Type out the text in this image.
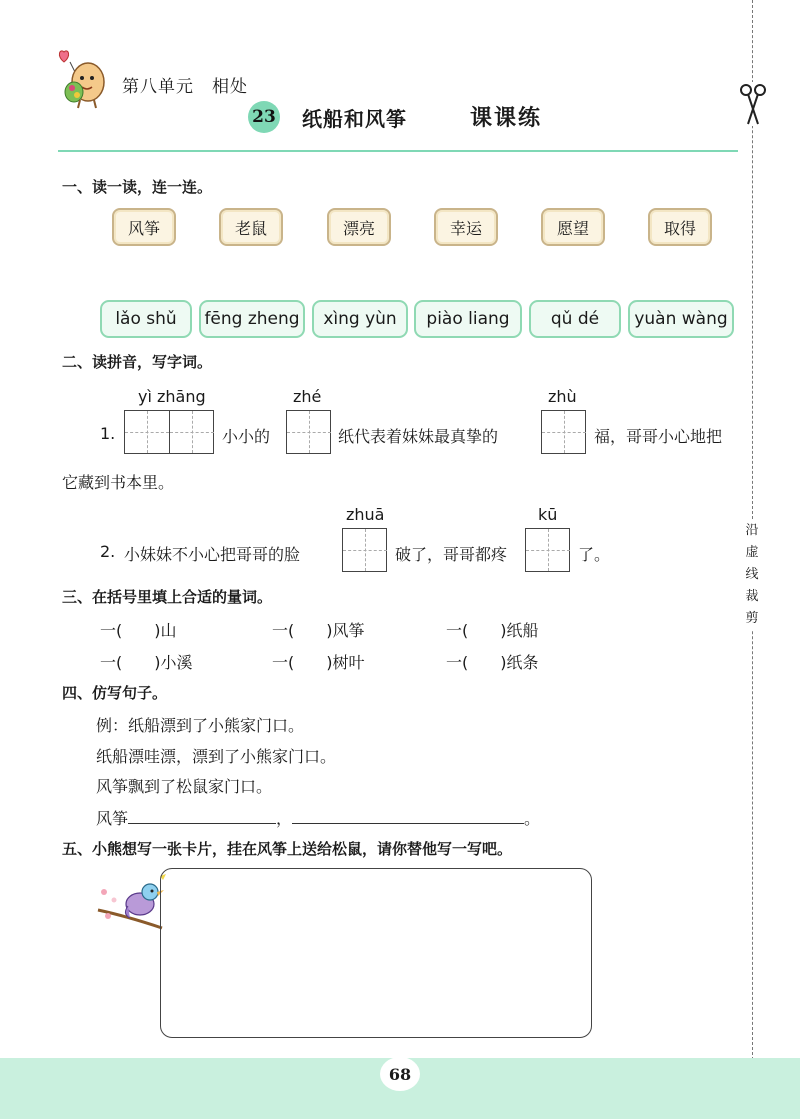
第八单元　相处
23 纸船和风筝	课课练
沿
虚
线
裁
剪
一、读一读，连一连。
风筝	老鼠	漂亮	幸运	愿望	取得
lǎo shǔ	fēng zheng	xìng yùn	piào liang	qǔ dé	yuàn wàng
二、读拼音，写字词。
yì zhāng	zhé	zhù
1.	小小的	纸代表着妹妹最真挚的	福，哥哥小心地把
它藏到书本里。
zhuā	kū
2. 小妹妹不小心把哥哥的脸	破了，哥哥都疼	了。
三、在括号里填上合适的量词。
一(　　)山	一(　　)风筝	一(　　)纸船
一(　　)小溪	一(　　)树叶	一(　　)纸条
四、仿写句子。
例：纸船漂到了小熊家门口。
纸船漂哇漂，漂到了小熊家门口。
风筝飘到了松鼠家门口。
风筝	，	。
五、小熊想写一张卡片，挂在风筝上送给松鼠，请你替他写一写吧。
68
